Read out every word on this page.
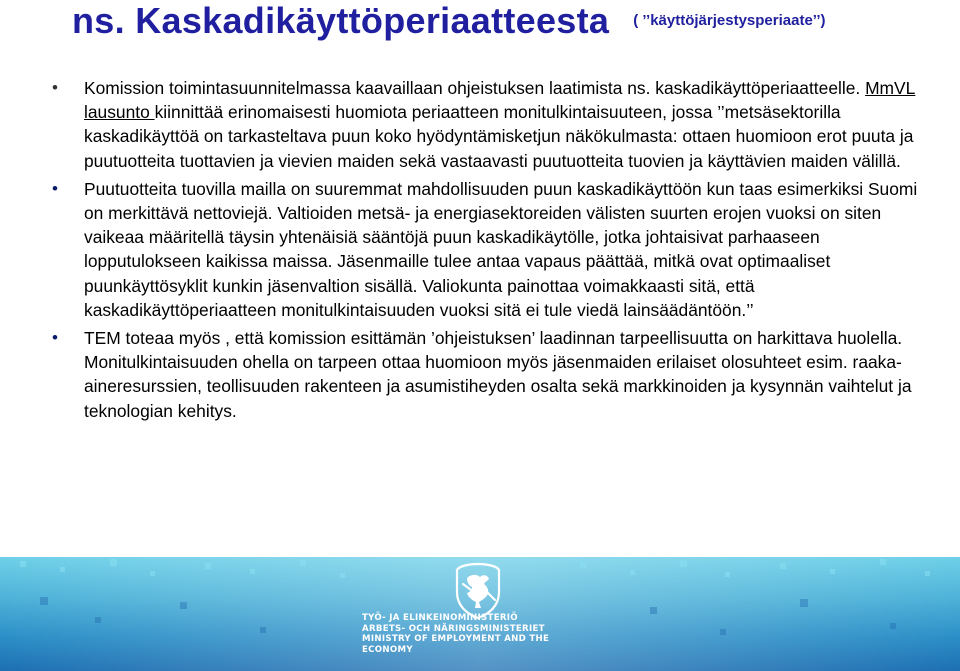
ns. Kaskadikäyttöperiaatteesta ( ’’käyttöjärjestysperiaate’’)
• Komission toimintasuunnitelmassa kaavaillaan ohjeistuksen laatimista ns. kaskadikäyttöperiaatteelle. MmVL lausunto kiinnittää erinomaisesti huomiota periaatteen monitulkintaisuuteen, jossa ’’metsäsektorilla kaskadikäyttöä on tarkasteltava puun koko hyödyntämisketjun näkökulmasta: ottaen huomioon erot puuta ja puutuotteita tuottavien ja vievien maiden sekä vastaavasti puutuotteita tuovien ja käyttävien maiden välillä.
• Puutuotteita tuovilla mailla on suuremmat mahdollisuuden puun kaskadikäyttöön kun taas esimerkiksi Suomi on merkittävä nettoviejä. Valtioiden metsä- ja energiasektoreiden välisten suurten erojen vuoksi on siten vaikeaa määritellä täysin yhtenäisiä sääntöjä puun kaskadikäytölle, jotka johtaisivat parhaaseen lopputulokseen kaikissa maissa. Jäsenmaille tulee antaa vapaus päättää, mitkä ovat optimaaliset puunkäyttösyklit kunkin jäsenvaltion sisällä. Valiokunta painottaa voimakkaasti sitä, että kaskadikäyttöperiaatteen monitulkintaisuuden vuoksi sitä ei tule viedä lainsäädäntöön.’’
• TEM toteaa myös , että komission esittämän ’ohjeistuksen’ laadinnan tarpeellisuutta on harkittava huolella. Monitulkintaisuuden ohella on tarpeen ottaa huomioon myös jäsenmaiden erilaiset olosuhteet esim. raaka-aineresurssien, teollisuuden rakenteen ja asumistiheyden osalta sekä markkinoiden ja kysynnän vaihtelut ja teknologian kehitys.
TYÖ- JA ELINKEINOMINISTERIÖ
ARBETS- OCH NÄRINGSMINISTERIET
MINISTRY OF EMPLOYMENT AND THE ECONOMY
